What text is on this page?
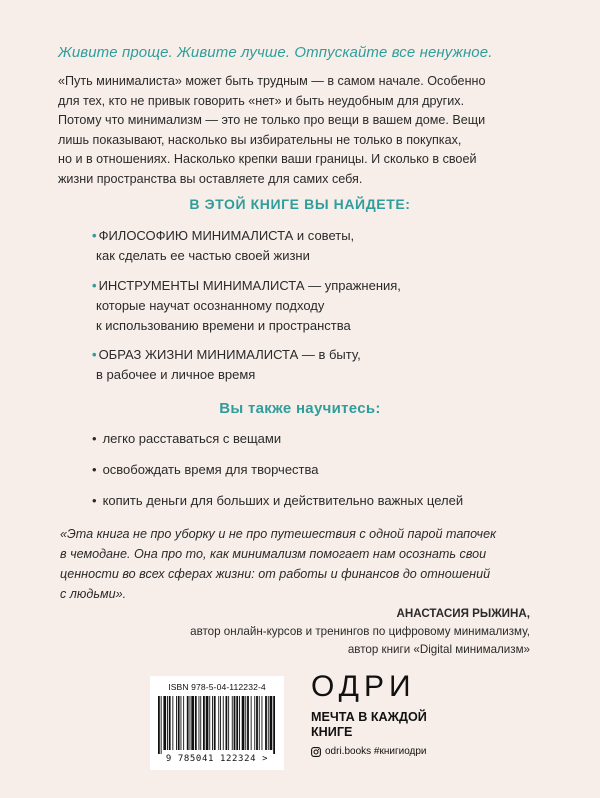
Живите проще. Живите лучше. Отпускайте все ненужное.

«Путь минималиста» может быть трудным — в самом начале. Особенно

для тех, кто не привык говорить «нет» и быть неудобным для других.

Потому что минимализм — это не только про вещи в вашем доме. Вещи

лишь показывают, насколько вы избирательны не только в покупках,

но и в отношениях. Насколько крепки ваши границы. И сколько в своей

жизни пространства вы оставляете для самих себя.

В ЭТОЙ КНИГЕ ВЫ НАЙДЕТЕ:
• ФИЛОСОФИЮ МИНИМАЛИСТА и советы,
как сделать ее частью своей жизни
• ИНСТРУМЕНТЫ МИНИМАЛИСТА — упражнения,
которые научат осознанному подходу
к использованию времени и пространства
• ОБРАЗ ЖИЗНИ МИНИМАЛИСТА — в быту,
в рабочее и личное время
Вы также научитесь:
• легко расставаться с вещами
• освобождать время для творчества
• копить деньги для больших и действительно важных целей
«Эта книга не про уборку и не про путешествия с одной парой тапочек
в чемодане. Она про то, как минимализм помогает нам осознать свои
ценности во всех сферах жизни: от работы и финансов до отношений
с людьми».
АНАСТАСИЯ РЫЖИНА,
автор онлайн-курсов и тренингов по цифровому минимализму,
автор книги «Digital минимализм»
ISBN 978-5-04-112232-4
9 785041 122324 >
ОДРИ
МЕЧТА В КАЖДОЙ
КНИГЕ
odri.books #книгиодри
